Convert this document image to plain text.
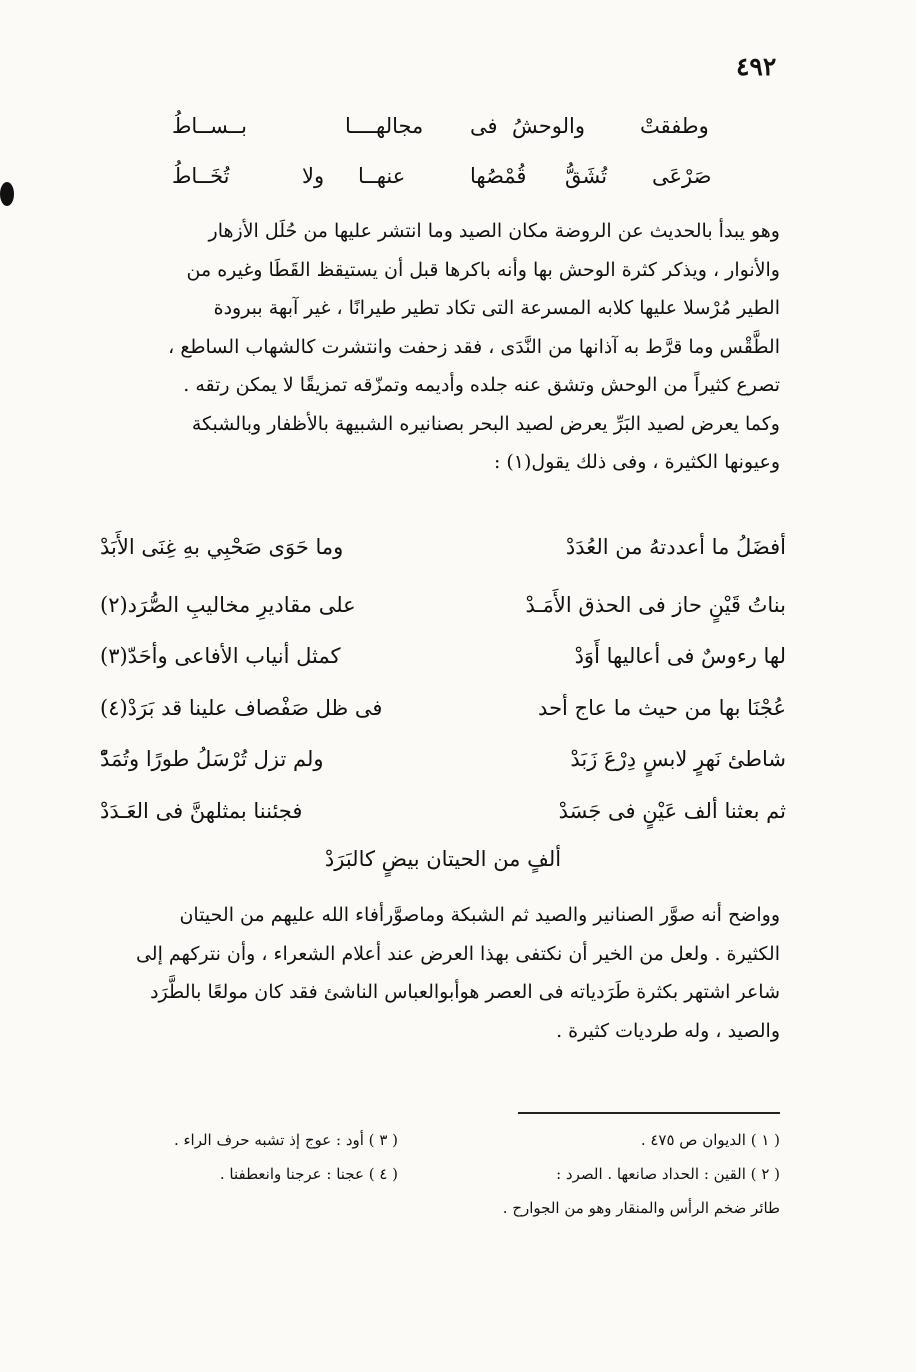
٤٩٢
وطفقتْ
والوحشُ
فى
مجالهــــا
بــســاطُ
صَرْعَى
تُشَقُّ
قُمْصُها
عنهــا
ولا
تُخَــاطُ
وهو يبدأ بالحديث عن الروضة مكان الصيد وما انتشر عليها من حُلَل الأزهار
والأنوار ، ويذكر كثرة الوحش بها وأنه باكرها قبل أن يستيقظ القَطَا وغيره من
الطير مُرْسلا عليها كلابه المسرعة التى تكاد تطير طيرانًا ، غير آبهة ببرودة
الطَّقْس وما قرَّط به آذانها من النَّدَى ، فقد زحفت وانتشرت كالشهاب الساطع ،
تصرع كثيراً من الوحش وتشق عنه جلده وأديمه وتمزّقه تمزيقًا لا يمكن رتقه .
وكما يعرض لصيد البَرِّ يعرض لصيد البحر بصنانيره الشبيهة بالأظفار وبالشبكة
وعيونها الكثيرة ، وفى ذلك يقول(١) :
أفضَلُ ما أعددتهُ من العُدَدْ
وما حَوَى صَحْبِي بهِ غِنَى الأَبَدْ
بناتُ قَيْنٍ حاز فى الحذق الأَمَـدْ
على مقاديرِ مخاليبِ الصُّرَد(٢)
لها رءوسٌ فى أعاليها أَوَدْ
كمثل أنياب الأفاعى وأحَدّ(٣)
عُجْنَا بها من حيث ما عاج أحد
فى ظل صَفْصاف علينا قد بَرَدْ(٤)
شاطئ نَهرٍ لابسٍ دِرْعَ زَبَدْ
ولم تزل تُرْسَلُ طورًا وتُمَدّْ
ثم بعثنا ألف عَيْنٍ فى جَسَدْ
فجئننا بمثلهنَّ فى العَـدَدْ
ألفٍ من الحيتان بيضٍ كالبَرَدْ
وواضح أنه صوَّر الصنانير والصيد ثم الشبكة وماصوَّرأفاء الله عليهم من الحيتان
الكثيرة . ولعل من الخير أن نكتفى بهذا العرض عند أعلام الشعراء ، وأن نتركهم إلى
شاعر اشتهر بكثرة طَرَدياته فى العصر هوأبوالعباس الناشئ فقد كان مولعًا بالطَّرَد
والصيد ، وله طرديات كثيرة .
( ١ ) الديوان ص ٤٧٥ .
( ٢ ) القين : الحداد صانعها . الصرد :
طائر ضخم الرأس والمنقار وهو من الجوارح .
( ٣ ) أود : عوج إذ تشبه حرف الراء .
( ٤ ) عجنا : عرجنا وانعطفنا .
